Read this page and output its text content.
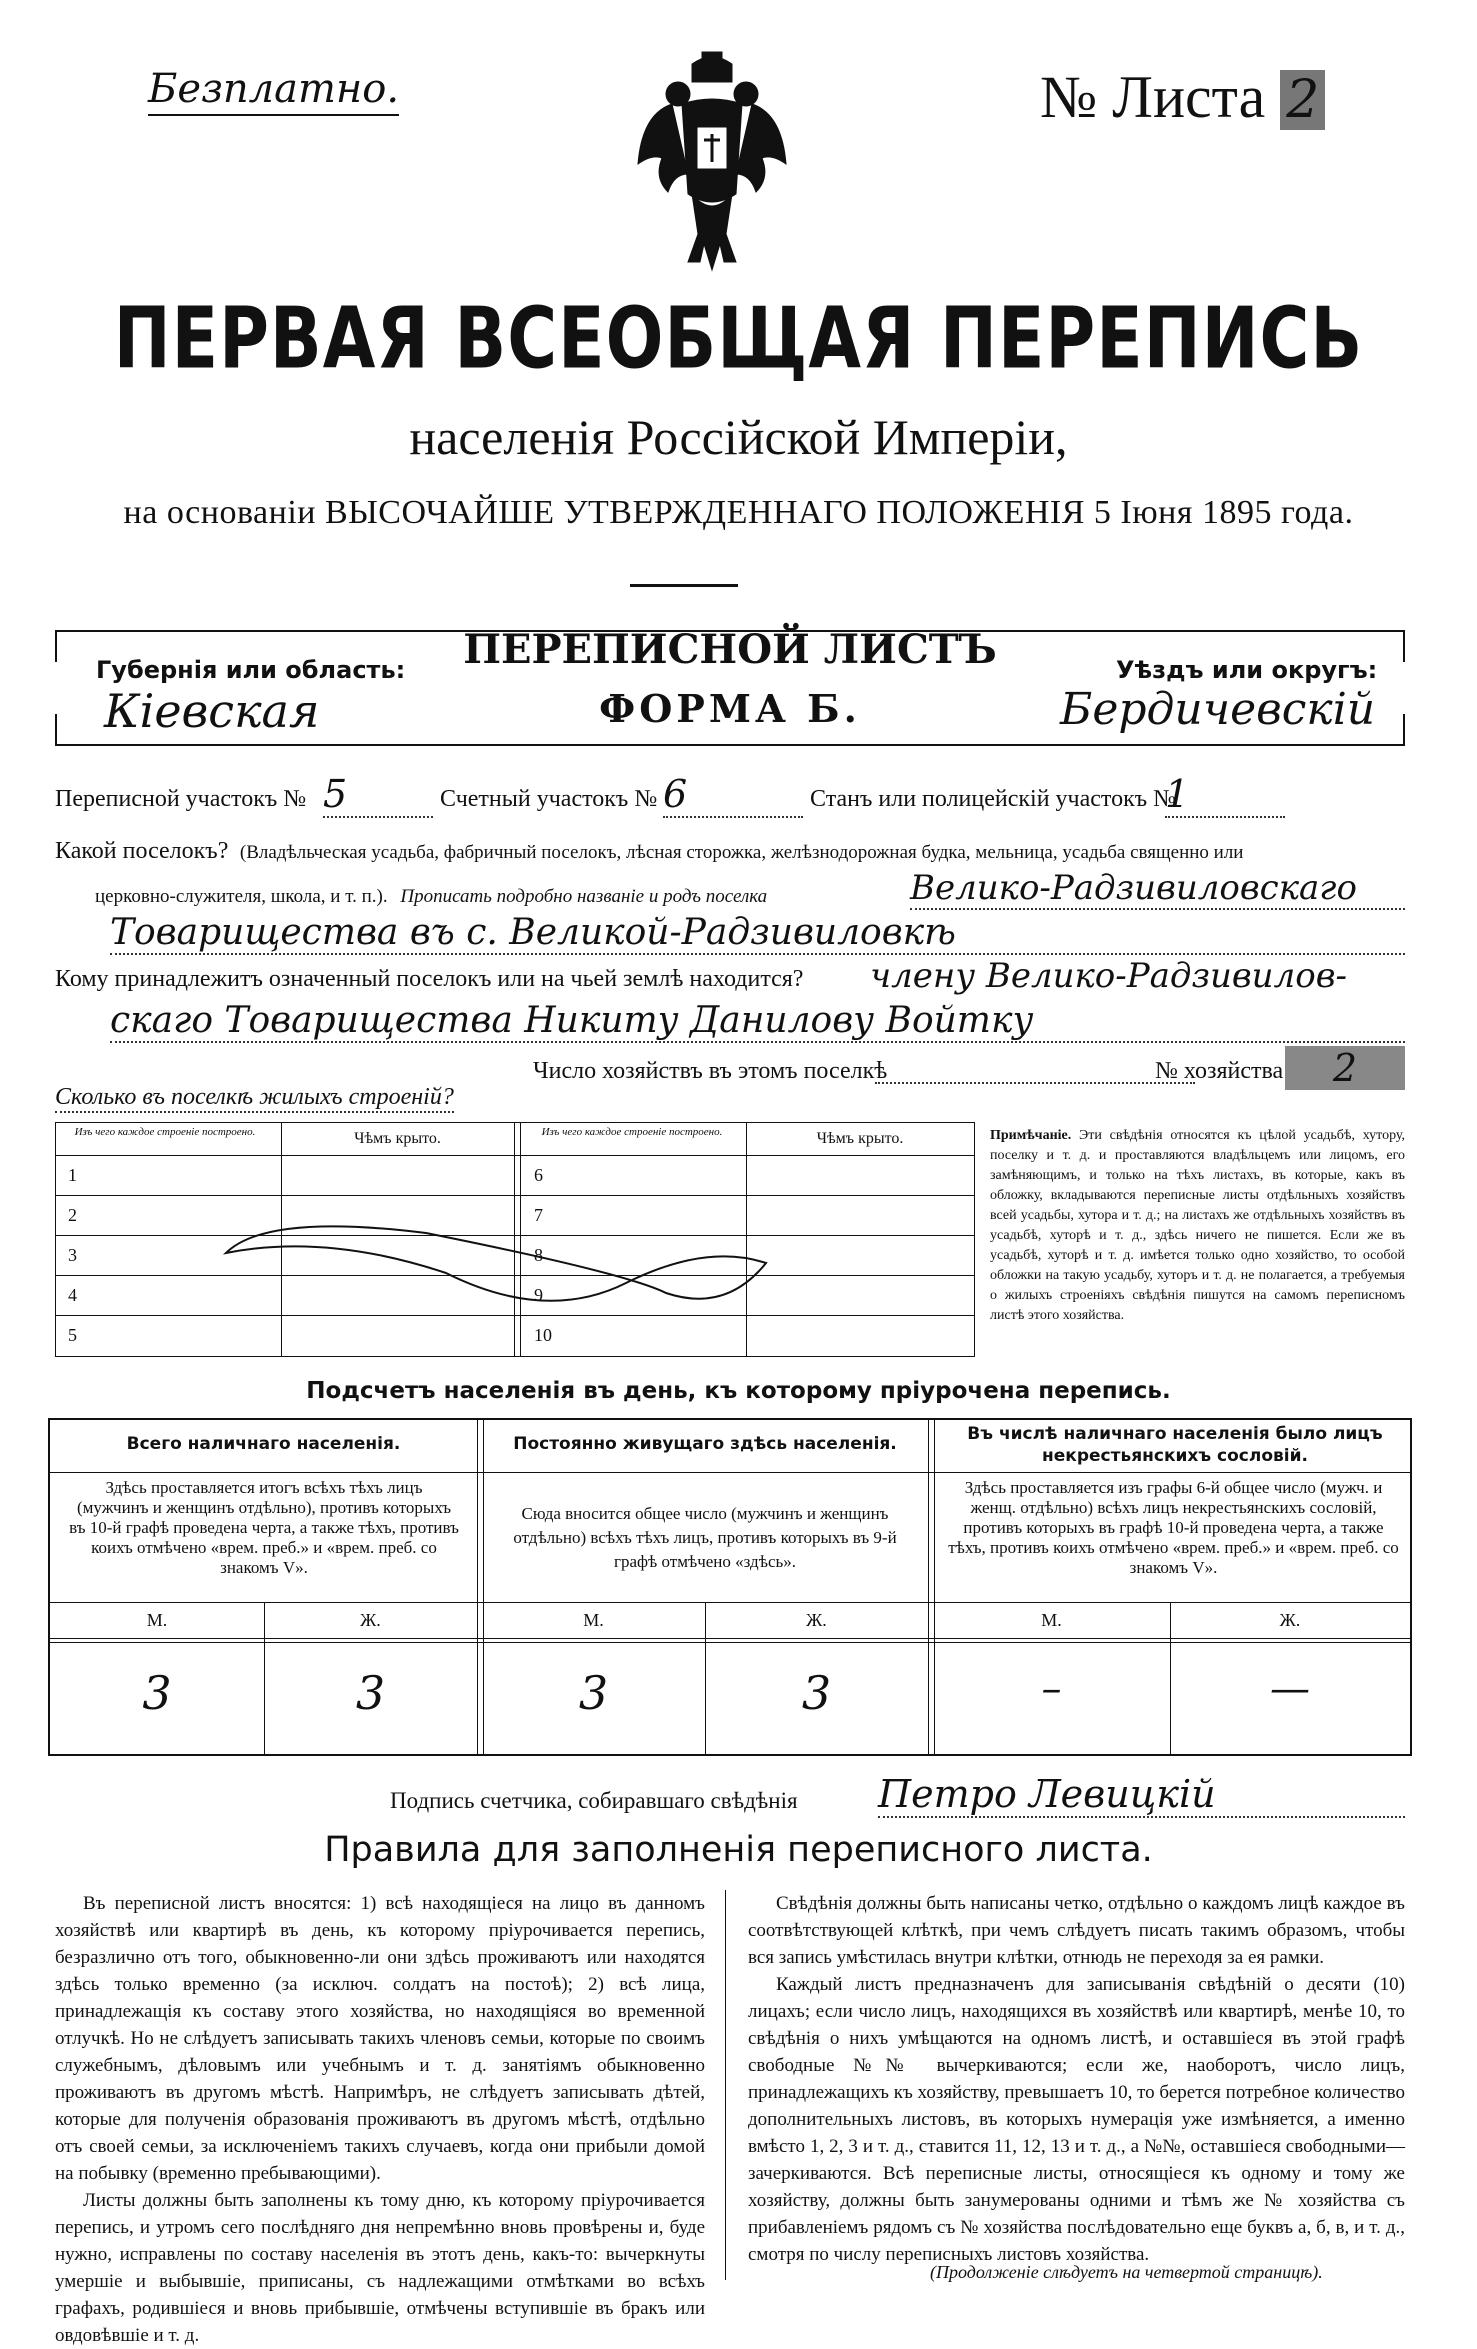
Безплатно.	№ Листа 2
ПЕРВАЯ ВСЕОБЩАЯ ПЕРЕПИСЬ
населенія Россійской Имперіи,
на основаніи ВЫСОЧАЙШЕ УТВЕРЖДЕННАГО ПОЛОЖЕНІЯ 5 Іюня 1895 года.
Губернія или область:
Кіевская
ПЕРЕПИСНОЙ ЛИСТЪ
ФОРМА Б.
Уѣздъ или округъ:
Бердичевскій
Переписной участокъ № 5	Счетный участокъ № 6	Станъ или полицейскій участокъ №
1
Какой поселокъ? (Владѣльческая усадьба, фабричный поселокъ, лѣсная сторожка, желѣзнодорожная будка, мельница, усадьба священно или
церковно-служителя, школа, и т. п.). Прописать подробно названіе и родъ поселка	Велико-Радзивиловскаго
Товарищества въ с. Великой-Радзивиловкѣ
Кому принадлежитъ означенный поселокъ или на чьей землѣ находится? члену Велико-Радзивилов-
скаго Товарищества Никиту Данилову Войтку
Число хозяйствъ въ этомъ поселкѣ	№ хозяйства	2
Сколько въ поселкѣ жилыхъ строеній?
Изъ чего каждое строеніе построено.	Чѣмъ крыто.	Изъ чего каждое строеніе построено.	Чѣмъ крыто.
1	6
2	7
3	8
4	9
5	10
Примѣчаніе. Эти свѣдѣнія относятся къ цѣлой усадьбѣ, хутору, поселку и т. д. и проставляются владѣльцемъ или лицомъ, его замѣняющимъ, и только на тѣхъ листахъ, въ которые, какъ въ обложку, вкладываются переписные листы отдѣльныхъ хозяйствъ всей усадьбы, хутора и т. д.; на листахъ же отдѣльныхъ хозяйствъ въ усадьбѣ, хуторѣ и т. д., здѣсь ничего не пишется. Если же въ усадьбѣ, хуторѣ и т. д. имѣется только одно хозяйство, то особой обложки на такую усадьбу, хуторъ и т. д. не полагается, а требуемыя о жилыхъ строеніяхъ свѣдѣнія пишутся на самомъ переписномъ листѣ этого хозяйства.
Подсчетъ населенія въ день, къ которому пріурочена перепись.
Всего наличнаго населенія.	Постоянно живущаго здѣсь населенія.	Въ числѣ наличнаго населенія было лицъ некрестьянскихъ сословій.
Здѣсь проставляется итогъ всѣхъ тѣхъ лицъ (мужчинъ и женщинъ отдѣльно), противъ которыхъ въ 10-й графѣ проведена черта, а также тѣхъ, противъ коихъ отмѣчено «врем. преб.» и «врем. преб. со знакомъ V».
Сюда вносится общее число (мужчинъ и женщинъ отдѣльно) всѣхъ тѣхъ лицъ, противъ которыхъ въ 9-й графѣ отмѣчено «здѣсь».
Здѣсь проставляется изъ графы 6-й общее число (мужч. и женщ. отдѣльно) всѣхъ лицъ некрестьянскихъ сословій, противъ которыхъ въ графѣ 10-й проведена черта, а также тѣхъ, противъ коихъ отмѣчено «врем. преб.» и «врем. преб. со знакомъ V».
М.	Ж.	М.	Ж.	М.	Ж.
3	3	3	3	–	—
Подпись счетчика, собиравшаго свѣдѣнія Петро Левицкій
Правила для заполненія переписного листа.

Въ переписной листъ вносятся: 1) всѣ находящіеся на лицо въ данномъ хозяйствѣ или квартирѣ въ день, къ которому пріурочивается перепись, безразлично отъ того, обыкновенно-ли они здѣсь проживаютъ или находятся здѣсь только временно (за исключ. солдатъ на постоѣ); 2) всѣ лица, принадлежащія къ составу этого хозяйства, но находящіяся во временной отлучкѣ. Но не слѣдуетъ записывать такихъ членовъ семьи, которые по своимъ служебнымъ, дѣловымъ или учебнымъ и т. д. занятіямъ обыкновенно проживаютъ въ другомъ мѣстѣ. Напримѣръ, не слѣдуетъ записывать дѣтей, которые для полученія образованія проживаютъ въ другомъ мѣстѣ, отдѣльно отъ своей семьи, за исключеніемъ такихъ случаевъ, когда они прибыли домой на побывку (временно пребывающими).

Листы должны быть заполнены къ тому дню, къ которому пріурочивается перепись, и утромъ сего послѣдняго дня непремѣнно вновь провѣрены и, буде нужно, исправлены по составу населенія въ этотъ день, какъ-то: вычеркнуты умершіе и выбывшіе, приписаны, съ надлежащими отмѣтками во всѣхъ графахъ, родившіеся и вновь прибывшіе, отмѣчены вступившіе въ бракъ или овдовѣвшіе и т. д.

Свѣдѣнія должны быть написаны четко, отдѣльно о каждомъ лицѣ каждое въ соотвѣтствующей клѣткѣ, при чемъ слѣдуетъ писать такимъ образомъ, чтобы вся запись умѣстилась внутри клѣтки, отнюдь не переходя за ея рамки.

Каждый листъ предназначенъ для записыванія свѣдѣній о десяти (10) лицахъ; если число лицъ, находящихся въ хозяйствѣ или квартирѣ, менѣе 10, то свѣдѣнія о нихъ умѣщаются на одномъ листѣ, и оставшіеся въ этой графѣ свободные №№ вычеркиваются; если же, наоборотъ, число лицъ, принадлежащихъ къ хозяйству, превышаетъ 10, то берется потребное количество дополнительныхъ листовъ, въ которыхъ нумерація уже измѣняется, а именно вмѣсто 1, 2, 3 и т. д., ставится 11, 12, 13 и т. д., а №№, оставшіеся свободными—зачеркиваются. Всѣ переписные листы, относящіеся къ одному и тому же хозяйству, должны быть занумерованы одними и тѣмъ же № хозяйства съ прибавленіемъ рядомъ съ № хозяйства послѣдовательно еще буквъ а, б, в, и т. д., смотря по числу переписныхъ листовъ хозяйства.

(Продолженіе слѣдуетъ на четвертой страницѣ).
